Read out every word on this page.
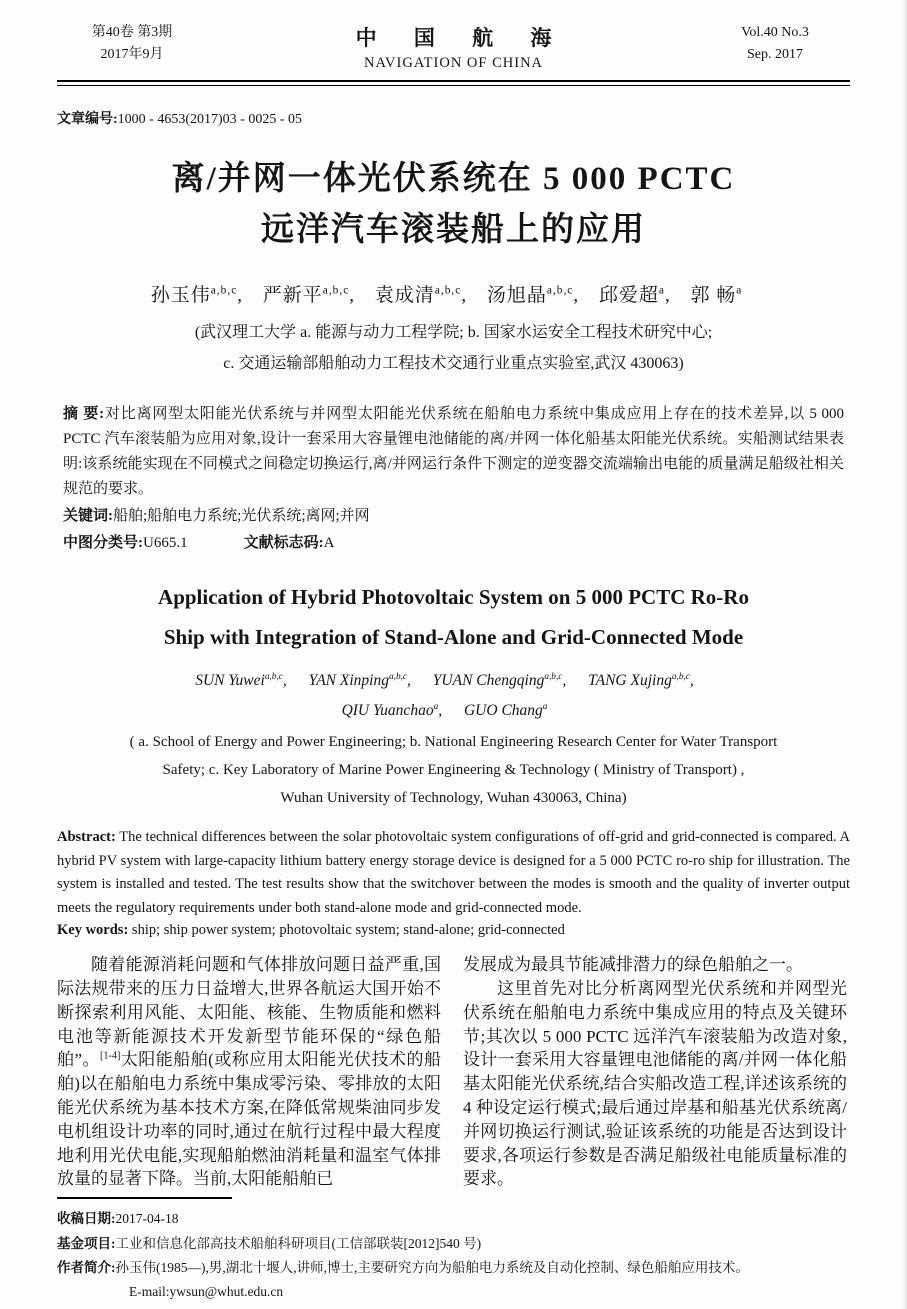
第40卷 第3期
2017年9月
中 国 航 海
NAVIGATION OF CHINA
Vol.40 No.3
Sep. 2017
文章编号:1000 - 4653(2017)03 - 0025 - 05
离/并网一体光伏系统在 5 000 PCTC
远洋汽车滚装船上的应用
孙玉伟$^{a,b,c}$, 严新平$^{a,b,c}$, 袁成清$^{a,b,c}$, 汤旭晶$^{a,b,c}$, 邱爱超$^a$, 郭 畅$^a$
(武汉理工大学 a. 能源与动力工程学院; b. 国家水运安全工程技术研究中心;
c. 交通运输部船舶动力工程技术交通行业重点实验室,武汉 430063)
摘 要:对比离网型太阳能光伏系统与并网型太阳能光伏系统在船舶电力系统中集成应用上存在的技术差异,以 5 000 PCTC 汽车滚装船为应用对象,设计一套采用大容量锂电池储能的离/并网一体化船基太阳能光伏系统。实船测试结果表明:该系统能实现在不同模式之间稳定切换运行,离/并网运行条件下测定的逆变器交流端输出电能的质量满足船级社相关规范的要求。
关键词:船舶;船舶电力系统;光伏系统;离网;并网
中图分类号:U665.1	文献标志码:A
Application of Hybrid Photovoltaic System on 5 000 PCTC Ro-Ro
Ship with Integration of Stand-Alone and Grid-Connected Mode
SUN Yuwei$^{a,b,c}$, YAN Xinping$^{a,b,c}$, YUAN Chengqing$^{a,b,c}$, TANG Xujing$^{a,b,c}$,
QIU Yuanchao$^a$, GUO Chang$^a$
( a. School of Energy and Power Engineering; b. National Engineering Research Center for Water Transport
Safety; c. Key Laboratory of Marine Power Engineering & Technology ( Ministry of Transport) ,
Wuhan University of Technology, Wuhan 430063, China)
Abstract: The technical differences between the solar photovoltaic system configurations of off-grid and grid-connected is compared. A hybrid PV system with large-capacity lithium battery energy storage device is designed for a 5 000 PCTC ro-ro ship for illustration. The system is installed and tested. The test results show that the switchover between the modes is smooth and the quality of inverter output meets the regulatory requirements under both stand-alone mode and grid-connected mode.
Key words: ship; ship power system; photovoltaic system; stand-alone; grid-connected

随着能源消耗问题和气体排放问题日益严重,国际法规带来的压力日益增大,世界各航运大国开始不断探索利用风能、太阳能、核能、生物质能和燃料电池等新能源技术开发新型节能环保的“绿色船舶”。[1-4]太阳能船舶(或称应用太阳能光伏技术的船舶)以在船舶电力系统中集成零污染、零排放的太阳能光伏系统为基本技术方案,在降低常规柴油同步发电机组设计功率的同时,通过在航行过程中最大程度地利用光伏电能,实现船舶燃油消耗量和温室气体排放量的显著下降。当前,太阳能船舶已

发展成为最具节能减排潜力的绿色船舶之一。

这里首先对比分析离网型光伏系统和并网型光伏系统在船舶电力系统中集成应用的特点及关键环节;其次以 5 000 PCTC 远洋汽车滚装船为改造对象,设计一套采用大容量锂电池储能的离/并网一体化船基太阳能光伏系统,结合实船改造工程,详述该系统的 4 种设定运行模式;最后通过岸基和船基光伏系统离/并网切换运行测试,验证该系统的功能是否达到设计要求,各项运行参数是否满足船级社电能质量标准的要求。

收稿日期:2017-04-18
基金项目:工业和信息化部高技术船舶科研项目(工信部联装[2012]540 号)
作者简介:孙玉伟(1985—),男,湖北十堰人,讲师,博士,主要研究方向为船舶电力系统及自动化控制、绿色船舶应用技术。
E-mail:ywsun@whut.edu.cn
